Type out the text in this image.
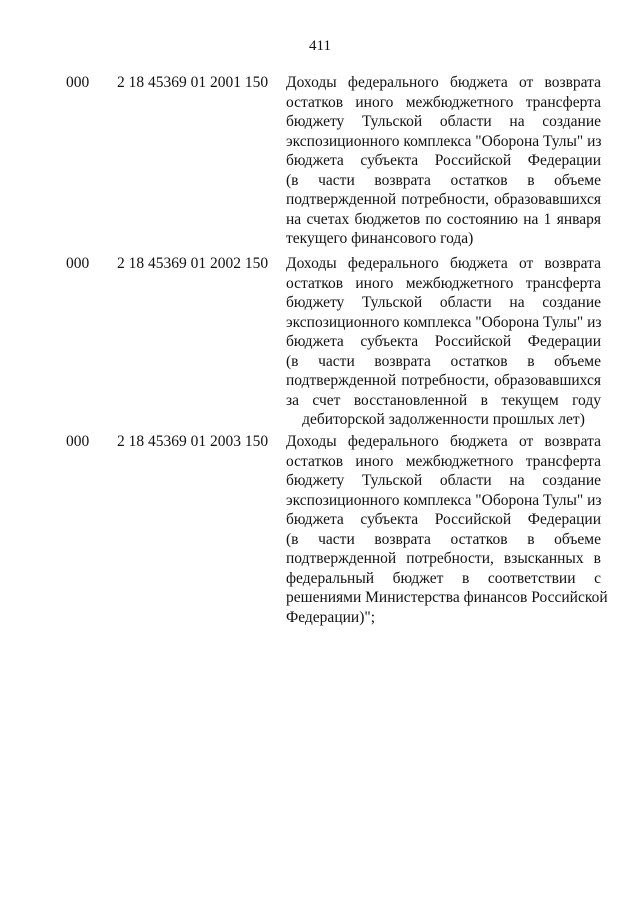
411
000 2 18 45369 01 2001 150 Доходы федерального бюджета от возврата
остатков иного межбюджетного трансферта
бюджету Тульской области на создание
экспозиционного комплекса "Оборона Тулы" из
бюджета субъекта Российской Федерации
(в части возврата остатков в объеме
подтвержденной потребности, образовавшихся
на счетах бюджетов по состоянию на 1 января
текущего финансового года)
000 2 18 45369 01 2002 150 Доходы федерального бюджета от возврата
остатков иного межбюджетного трансферта
бюджету Тульской области на создание
экспозиционного комплекса "Оборона Тулы" из
бюджета субъекта Российской Федерации
(в части возврата остатков в объеме
подтвержденной потребности, образовавшихся
за счет восстановленной в текущем году
дебиторской задолженности прошлых лет)
000 2 18 45369 01 2003 150 Доходы федерального бюджета от возврата
остатков иного межбюджетного трансферта
бюджету Тульской области на создание
экспозиционного комплекса "Оборона Тулы" из
бюджета субъекта Российской Федерации
(в части возврата остатков в объеме
подтвержденной потребности, взысканных в
федеральный бюджет в соответствии с
решениями Министерства финансов Российской
Федерации)";
